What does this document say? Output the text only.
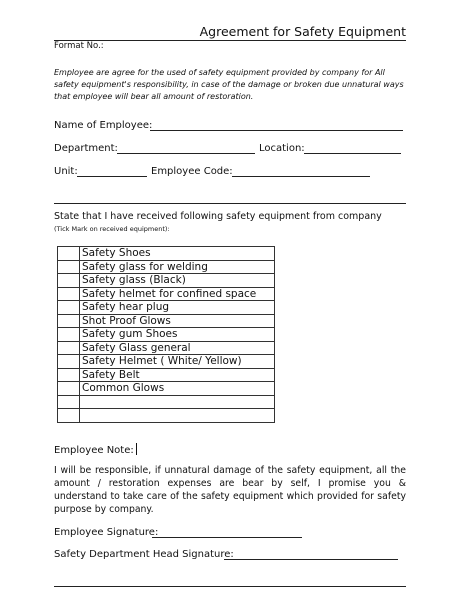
Agreement for Safety Equipment
Format No.:
Employee are agree for the used of safety equipment provided by company for All safety equipment's responsibility, in case of the damage or broken due unnatural ways that employee will bear all amount of restoration.
Name of Employee:
Department:	Location:
Unit:	Employee Code:
State that I have received following safety equipment from company
(Tick Mark on received equipment):
	Safety Shoes
	Safety glass for welding
	Safety glass (Black)
	Safety helmet for confined space
	Safety hear plug
	Shot Proof Glows
	Safety gum Shoes
	Safety Glass general
	Safety Helmet ( White/ Yellow)
	Safety Belt
	Common Glows

Employee Note:
I will be responsible, if unnatural damage of the safety equipment, all the amount / restoration expenses are bear by self, I promise you & understand to take care of the safety equipment which provided for safety purpose by company.
Employee Signature:
Safety Department Head Signature:
